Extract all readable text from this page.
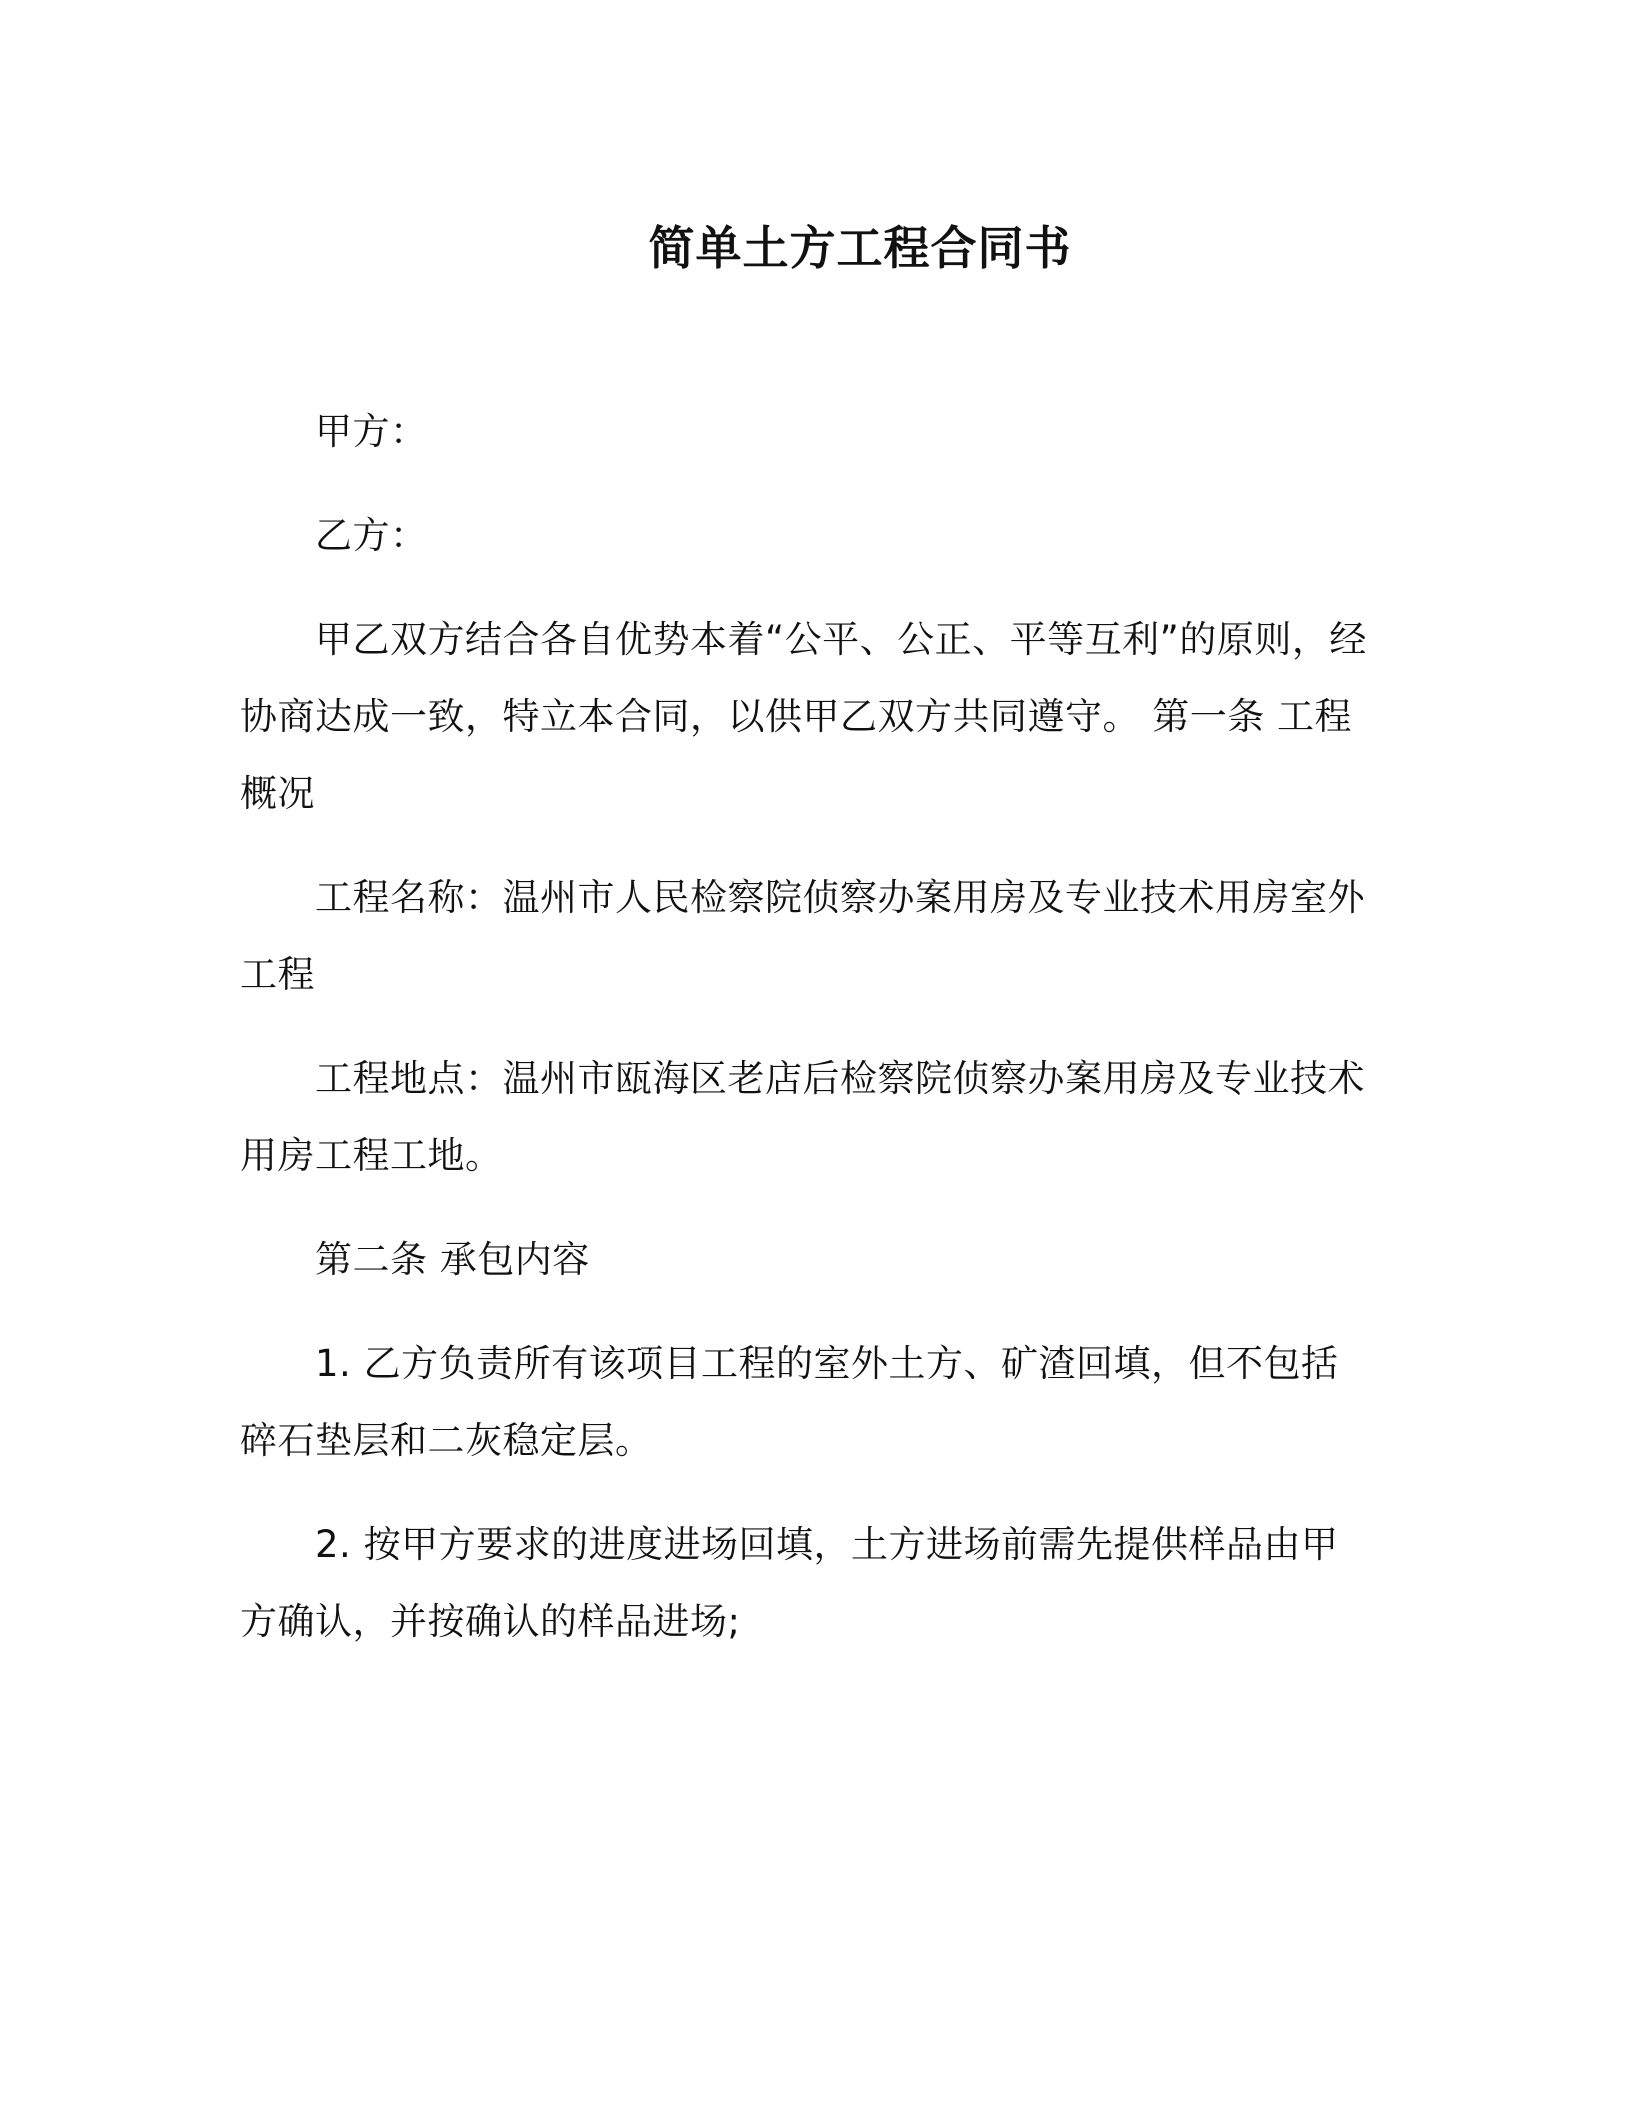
简单土方工程合同书

甲方：

乙方：

甲乙双方结合各自优势本着“公平、公正、平等互利”的原则，经协商达成一致，特立本合同，以供甲乙双方共同遵守。 第一条 工程概况

工程名称：温州市人民检察院侦察办案用房及专业技术用房室外工程

工程地点：温州市瓯海区老店后检察院侦察办案用房及专业技术用房工程工地。

第二条 承包内容

1. 乙方负责所有该项目工程的室外土方、矿渣回填，但不包括碎石垫层和二灰稳定层。

2. 按甲方要求的进度进场回填，土方进场前需先提供样品由甲方确认，并按确认的样品进场;
